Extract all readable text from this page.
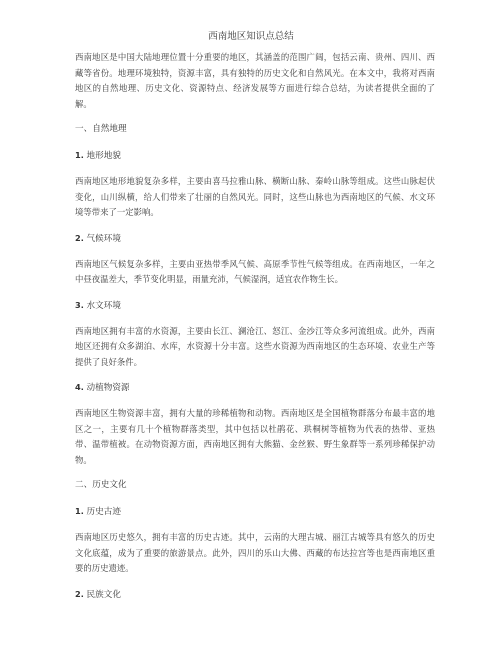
西南地区知识点总结

西南地区是中国大陆地理位置十分重要的地区，其涵盖的范围广阔，包括云南、贵州、四川、西藏等省份。地理环境独特，资源丰富，具有独特的历史文化和自然风光。在本文中，我将对西南地区的自然地理、历史文化、资源特点、经济发展等方面进行综合总结，为读者提供全面的了解。

一、自然地理
1. 地形地貌

西南地区地形地貌复杂多样，主要由喜马拉雅山脉、横断山脉、秦岭山脉等组成。这些山脉起伏变化，山川纵横，给人们带来了壮丽的自然风光。同时，这些山脉也为西南地区的气候、水文环境等带来了一定影响。

2. 气候环境

西南地区气候复杂多样，主要由亚热带季风气候、高原季节性气候等组成。在西南地区，一年之中昼夜温差大，季节变化明显，雨量充沛，气候湿润，适宜农作物生长。

3. 水文环境

西南地区拥有丰富的水资源，主要由长江、澜沧江、怒江、金沙江等众多河流组成。此外，西南地区还拥有众多湖泊、水库，水资源十分丰富。这些水资源为西南地区的生态环境、农业生产等提供了良好条件。

4. 动植物资源

西南地区生物资源丰富，拥有大量的珍稀植物和动物。西南地区是全国植物群落分布最丰富的地区之一，主要有几十个植物群落类型，其中包括以杜鹃花、珙桐树等植物为代表的热带、亚热带、温带植被。在动物资源方面，西南地区拥有大熊猫、金丝猴、野生象群等一系列珍稀保护动物。

二、历史文化
1. 历史古迹

西南地区历史悠久，拥有丰富的历史古迹。其中，云南的大理古城、丽江古城等具有悠久的历史文化底蕴，成为了重要的旅游景点。此外，四川的乐山大佛、西藏的布达拉宫等也是西南地区重要的历史遗迹。

2. 民族文化
